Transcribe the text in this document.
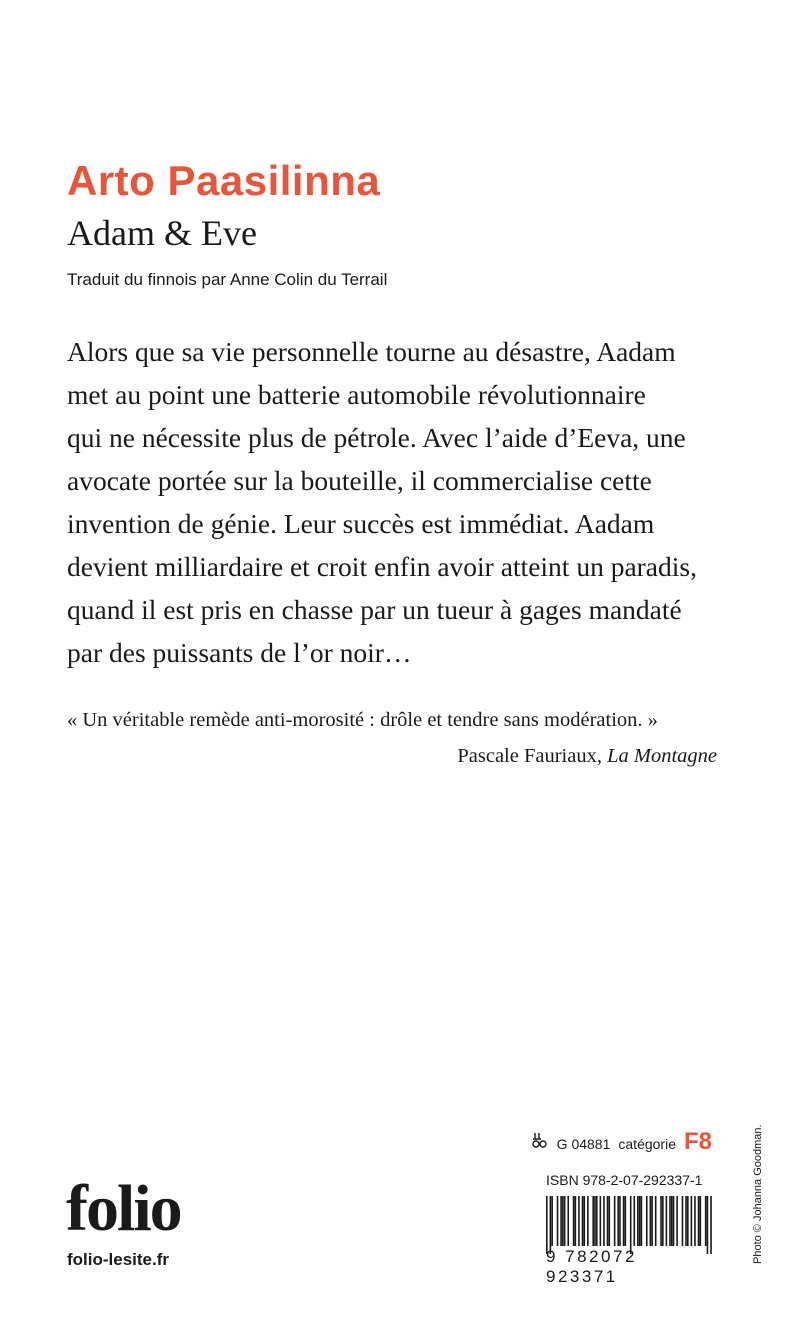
Arto Paasilinna
Adam & Eve
Traduit du finnois par Anne Colin du Terrail

Alors que sa vie personnelle tourne au désastre, Aadam
met au point une batterie automobile révolutionnaire
qui ne nécessite plus de pétrole. Avec l’aide d’Eeva, une
avocate portée sur la bouteille, il commercialise cette
invention de génie. Leur succès est immédiat. Aadam
devient milliardaire et croit enfin avoir atteint un paradis,
quand il est pris en chasse par un tueur à gages mandaté
par des puissants de l’or noir…

« Un véritable remède anti-morosité : drôle et tendre sans modération. »
Pascale Fauriaux, La Montagne
G 04881 catégorie F8
ISBN 978-2-07-292337-1
9 782072 923371
folio
folio-lesite.fr	Photo © Johanna Goodman.
